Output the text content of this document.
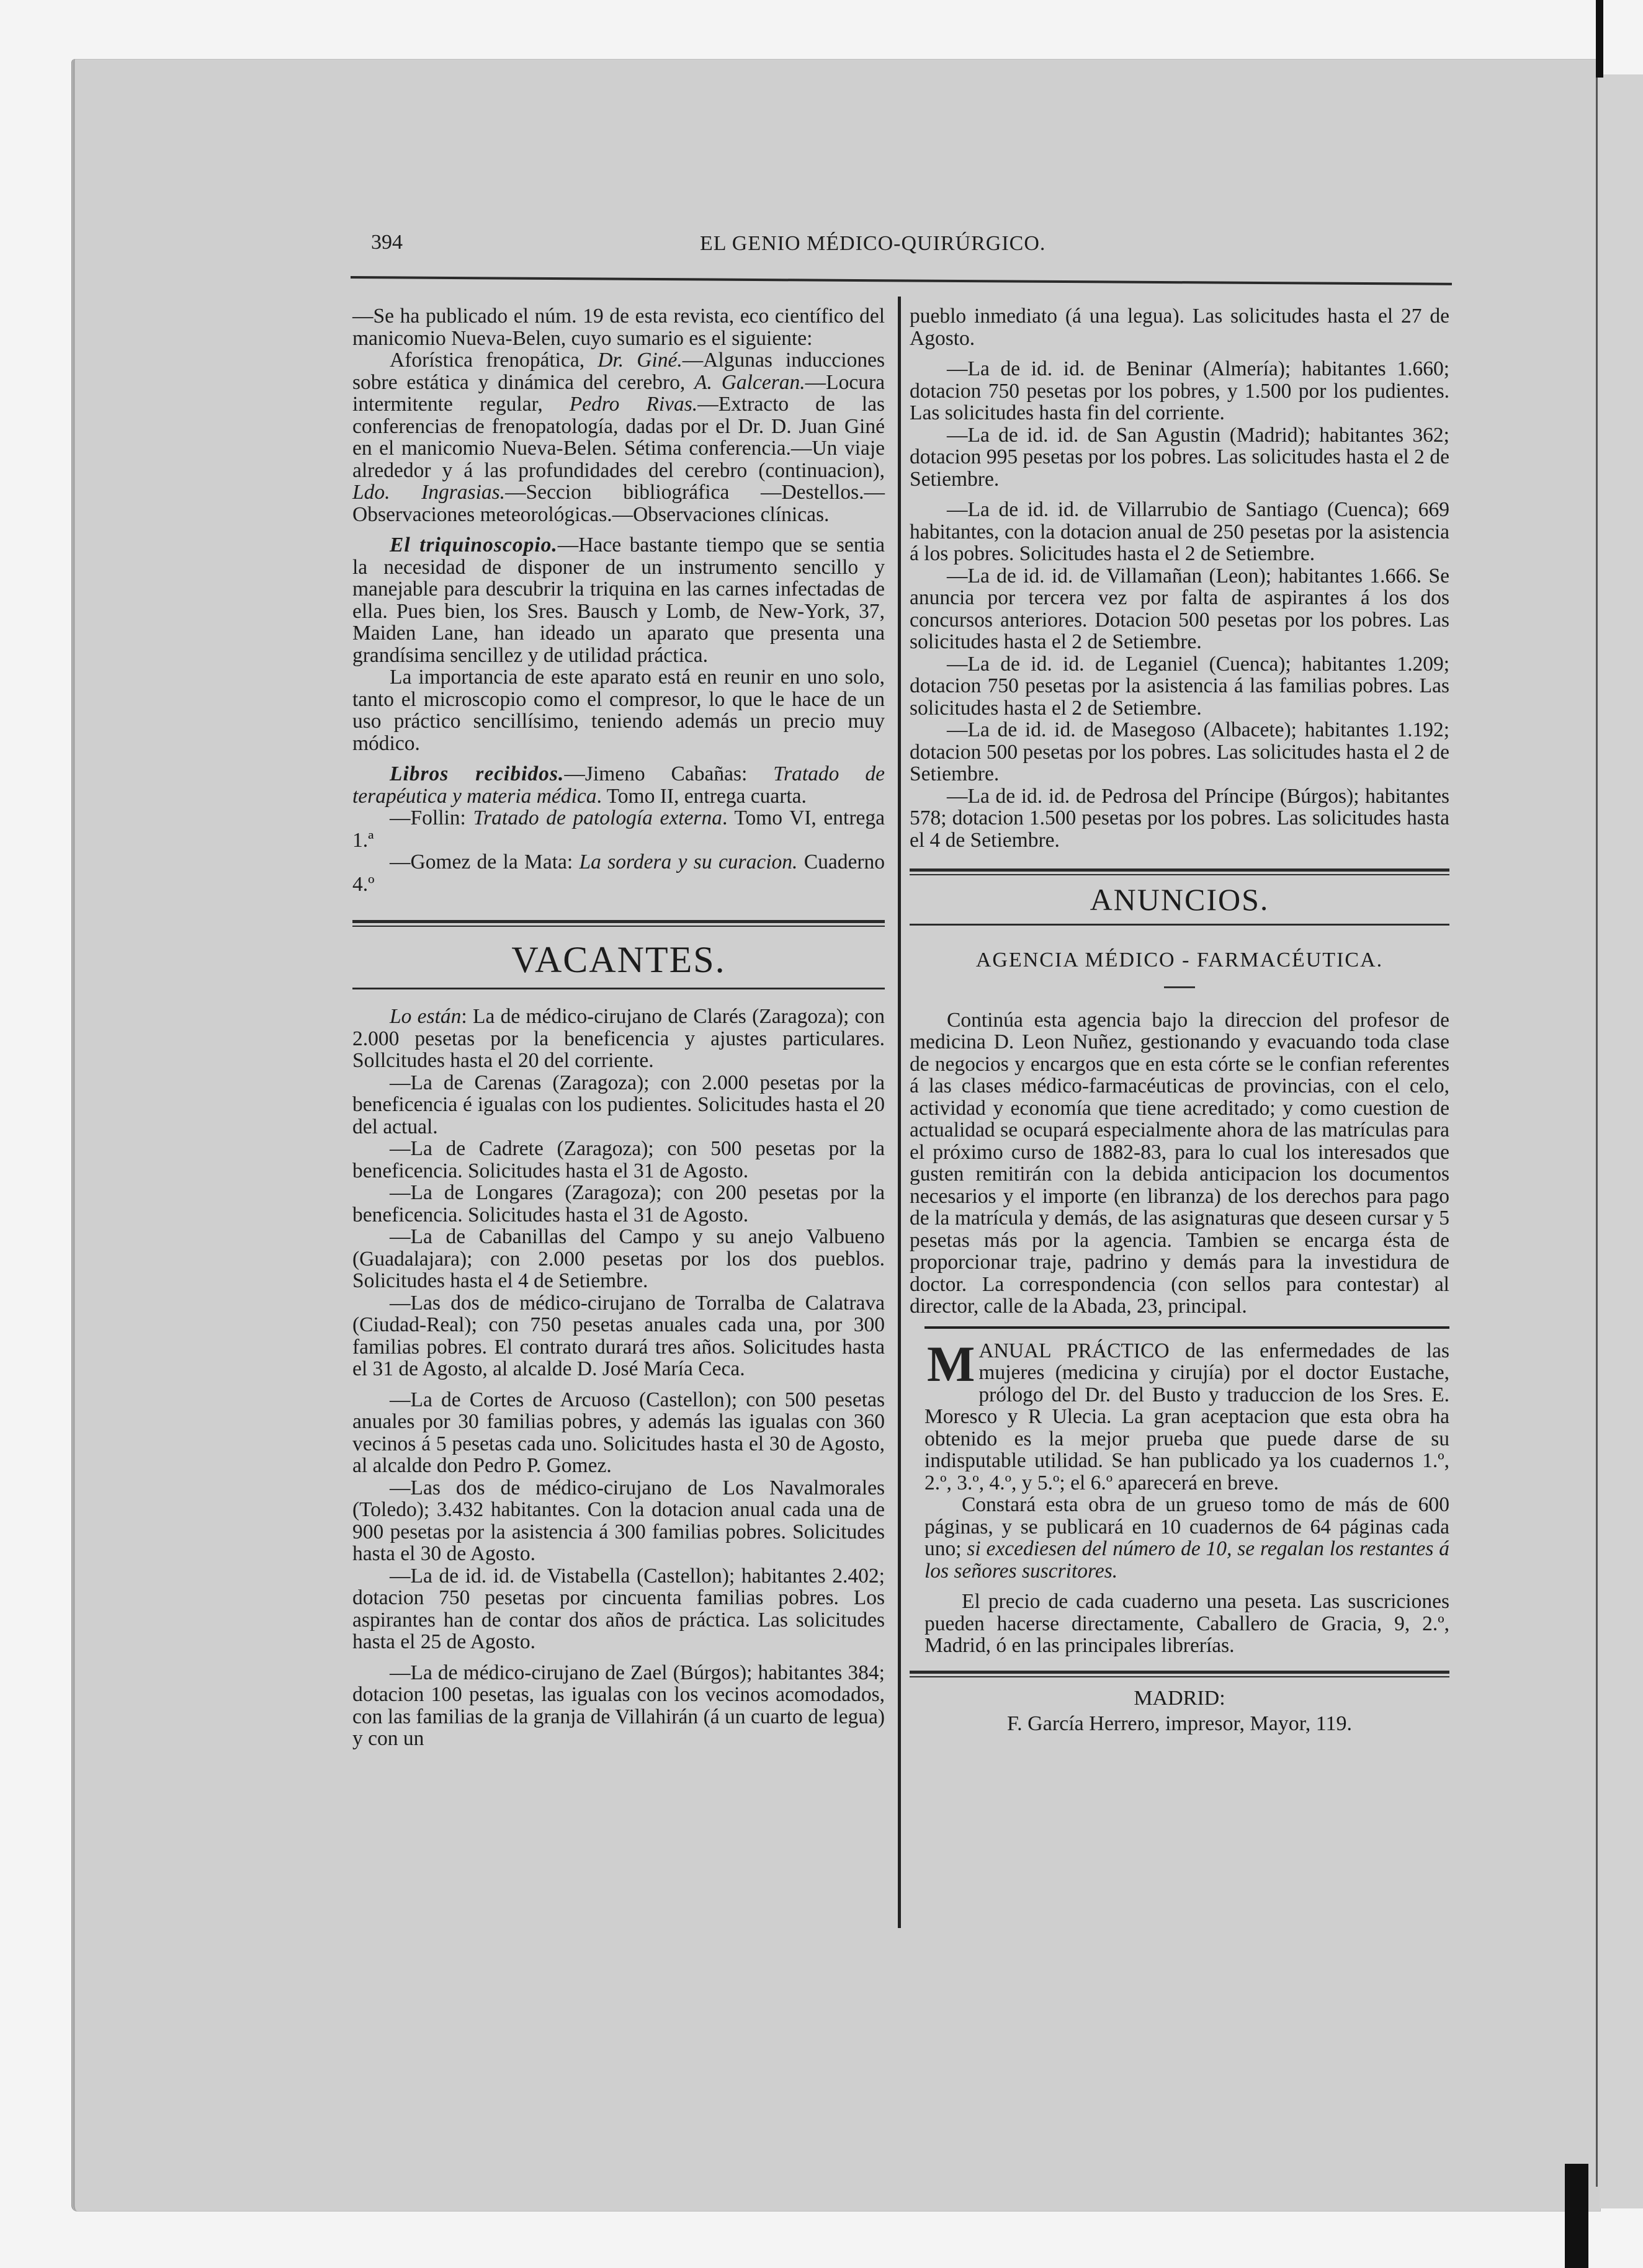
394	EL GENIO MÉDICO-QUIRÚRGICO.

—Se ha publicado el núm. 19 de esta revista, eco científico del manicomio Nueva-Belen, cuyo sumario es el siguiente:

Aforística frenopática, Dr. Giné.—Algunas inducciones sobre estática y dinámica del cerebro, A. Galceran.—Locura intermitente regular, Pedro Rivas.—Extracto de las conferencias de frenopatología, dadas por el Dr. D. Juan Giné en el manicomio Nueva-Belen. Sétima conferencia.—Un viaje alrededor y á las profundidades del cerebro (continuacion), Ldo. Ingrasias.—Seccion bibliográfica —Destellos.—Observaciones meteorológicas.—Observaciones clínicas.

El triquinoscopio.—Hace bastante tiempo que se sentia la necesidad de disponer de un instrumento sencillo y manejable para descubrir la triquina en las carnes infectadas de ella. Pues bien, los Sres. Bausch y Lomb, de New-York, 37, Maiden Lane, han ideado un aparato que presenta una grandísima sencillez y de utilidad práctica.

La importancia de este aparato está en reunir en uno solo, tanto el microscopio como el compresor, lo que le hace de un uso práctico sencillísimo, teniendo además un precio muy módico.

Libros recibidos.—Jimeno Cabañas: Tratado de terapéutica y materia médica. Tomo II, entrega cuarta.

—Follin: Tratado de patología externa. Tomo VI, entrega 1.ª

—Gomez de la Mata: La sordera y su curacion. Cuaderno 4.º

VACANTES.

Lo están: La de médico-cirujano de Clarés (Zaragoza); con 2.000 pesetas por la beneficencia y ajustes particulares. Sollcitudes hasta el 20 del corriente.

—La de Carenas (Zaragoza); con 2.000 pesetas por la beneficencia é igualas con los pudientes. Solicitudes hasta el 20 del actual.

—La de Cadrete (Zaragoza); con 500 pesetas por la beneficencia. Solicitudes hasta el 31 de Agosto.

—La de Longares (Zaragoza); con 200 pesetas por la beneficencia. Solicitudes hasta el 31 de Agosto.

—La de Cabanillas del Campo y su anejo Valbueno (Guadalajara); con 2.000 pesetas por los dos pueblos. Solicitudes hasta el 4 de Setiembre.

—Las dos de médico-cirujano de Torralba de Calatrava (Ciudad-Real); con 750 pesetas anuales cada una, por 300 familias pobres. El contrato durará tres años. Solicitudes hasta el 31 de Agosto, al alcalde D. José María Ceca.

—La de Cortes de Arcuoso (Castellon); con 500 pesetas anuales por 30 familias pobres, y además las igualas con 360 vecinos á 5 pesetas cada uno. Solicitudes hasta el 30 de Agosto, al alcalde don Pedro P. Gomez.

—Las dos de médico-cirujano de Los Navalmorales (Toledo); 3.432 habitantes. Con la dotacion anual cada una de 900 pesetas por la asistencia á 300 familias pobres. Solicitudes hasta el 30 de Agosto.

—La de id. id. de Vistabella (Castellon); habitantes 2.402; dotacion 750 pesetas por cincuenta familias pobres. Los aspirantes han de contar dos años de práctica. Las solicitudes hasta el 25 de Agosto.

—La de médico-cirujano de Zael (Búrgos); habitantes 384; dotacion 100 pesetas, las igualas con los vecinos acomodados, con las familias de la granja de Villahirán (á un cuarto de legua) y con un

pueblo inmediato (á una legua). Las solicitudes hasta el 27 de Agosto.

—La de id. id. de Beninar (Almería); habitantes 1.660; dotacion 750 pesetas por los pobres, y 1.500 por los pudientes. Las solicitudes hasta fin del corriente.

—La de id. id. de San Agustin (Madrid); habitantes 362; dotacion 995 pesetas por los pobres. Las solicitudes hasta el 2 de Setiembre.

—La de id. id. de Villarrubio de Santiago (Cuenca); 669 habitantes, con la dotacion anual de 250 pesetas por la asistencia á los pobres. Solicitudes hasta el 2 de Setiembre.

—La de id. id. de Villamañan (Leon); habitantes 1.666. Se anuncia por tercera vez por falta de aspirantes á los dos concursos anteriores. Dotacion 500 pesetas por los pobres. Las solicitudes hasta el 2 de Setiembre.

—La de id. id. de Leganiel (Cuenca); habitantes 1.209; dotacion 750 pesetas por la asistencia á las familias pobres. Las solicitudes hasta el 2 de Setiembre.

—La de id. id. de Masegoso (Albacete); habitantes 1.192; dotacion 500 pesetas por los pobres. Las solicitudes hasta el 2 de Setiembre.

—La de id. id. de Pedrosa del Príncipe (Búrgos); habitantes 578; dotacion 1.500 pesetas por los pobres. Las solicitudes hasta el 4 de Setiembre.

ANUNCIOS.
AGENCIA MÉDICO - FARMACÉUTICA.

Continúa esta agencia bajo la direccion del profesor de medicina D. Leon Nuñez, gestionando y evacuando toda clase de negocios y encargos que en esta córte se le confian referentes á las clases médico-farmacéuticas de provincias, con el celo, actividad y economía que tiene acreditado; y como cuestion de actualidad se ocupará especialmente ahora de las matrículas para el próximo curso de 1882-83, para lo cual los interesados que gusten remitirán con la debida anticipacion los documentos necesarios y el importe (en libranza) de los derechos para pago de la matrícula y demás, de las asignaturas que deseen cursar y 5 pesetas más por la agencia. Tambien se encarga ésta de proporcionar traje, padrino y demás para la investidura de doctor. La correspondencia (con sellos para contestar) al director, calle de la Abada, 23, principal.

MANUAL PRÁCTICO de las enfermedades de las mujeres (medicina y cirujía) por el doctor Eustache, prólogo del Dr. del Busto y traduccion de los Sres. E. Moresco y R Ulecia. La gran aceptacion que esta obra ha obtenido es la mejor prueba que puede darse de su indisputable utilidad. Se han publicado ya los cuadernos 1.º, 2.º, 3.º, 4.º, y 5.º; el 6.º aparecerá en breve.

Constará esta obra de un grueso tomo de más de 600 páginas, y se publicará en 10 cuadernos de 64 páginas cada uno; si excediesen del número de 10, se regalan los restantes á los señores suscritores.

El precio de cada cuaderno una peseta. Las suscriciones pueden hacerse directamente, Caballero de Gracia, 9, 2.º, Madrid, ó en las principales librerías.

MADRID:
F. García Herrero, impresor, Mayor, 119.
